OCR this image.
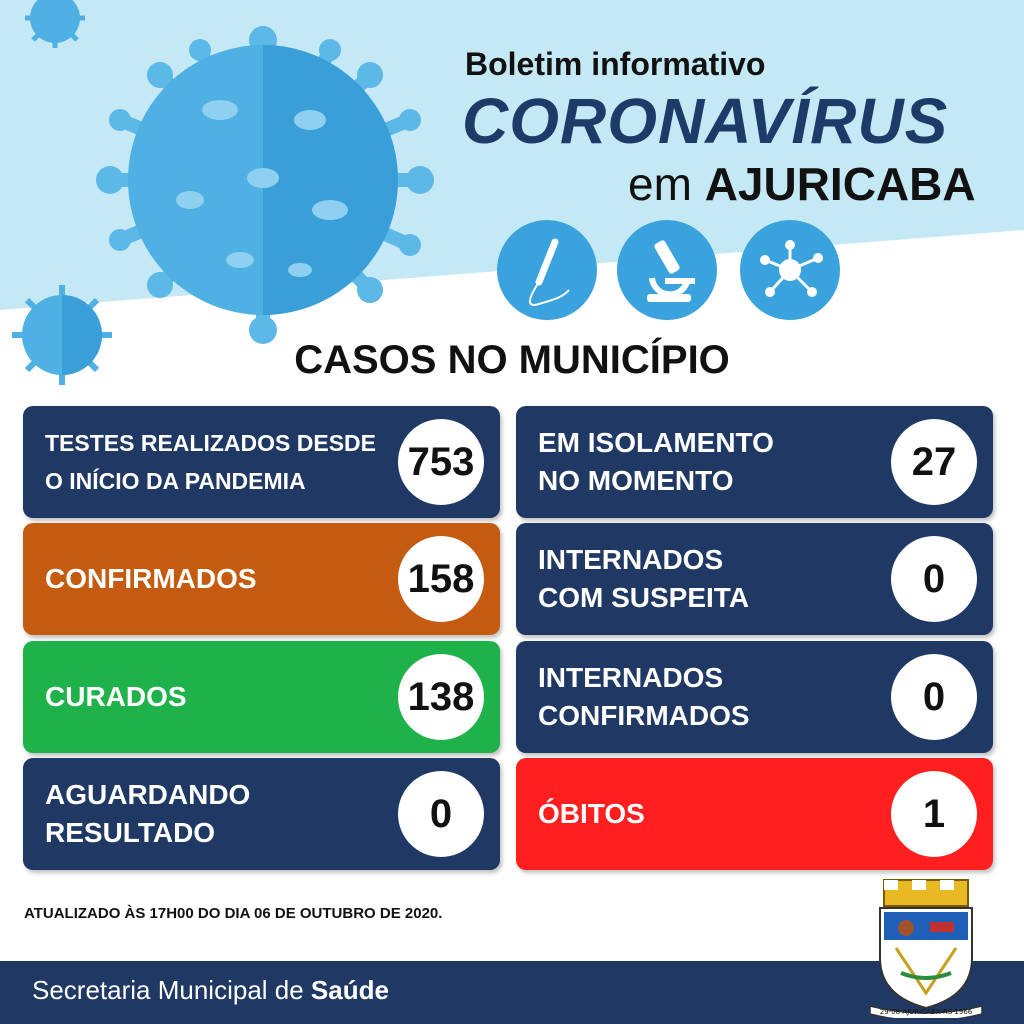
Boletim informativo
CORONAVÍRUS
em AJURICABA
CASOS NO MUNICÍPIO
TESTES REALIZADOS DESDE
O INÍCIO DA PANDEMIA	753	EM ISOLAMENTO
NO MOMENTO	27
CONFIRMADOS	158	INTERNADOS
COM SUSPEITA	0
CURADOS	138	INTERNADOS
CONFIRMADOS	0
AGUARDANDO
RESULTADO	0	ÓBITOS	1
ATUALIZADO ÀS 17H00 DO DIA 06 DE OUTUBRO DE 2020.
Secretaria Municipal de Saúde
29-08 AJURICABA-RS 1966
